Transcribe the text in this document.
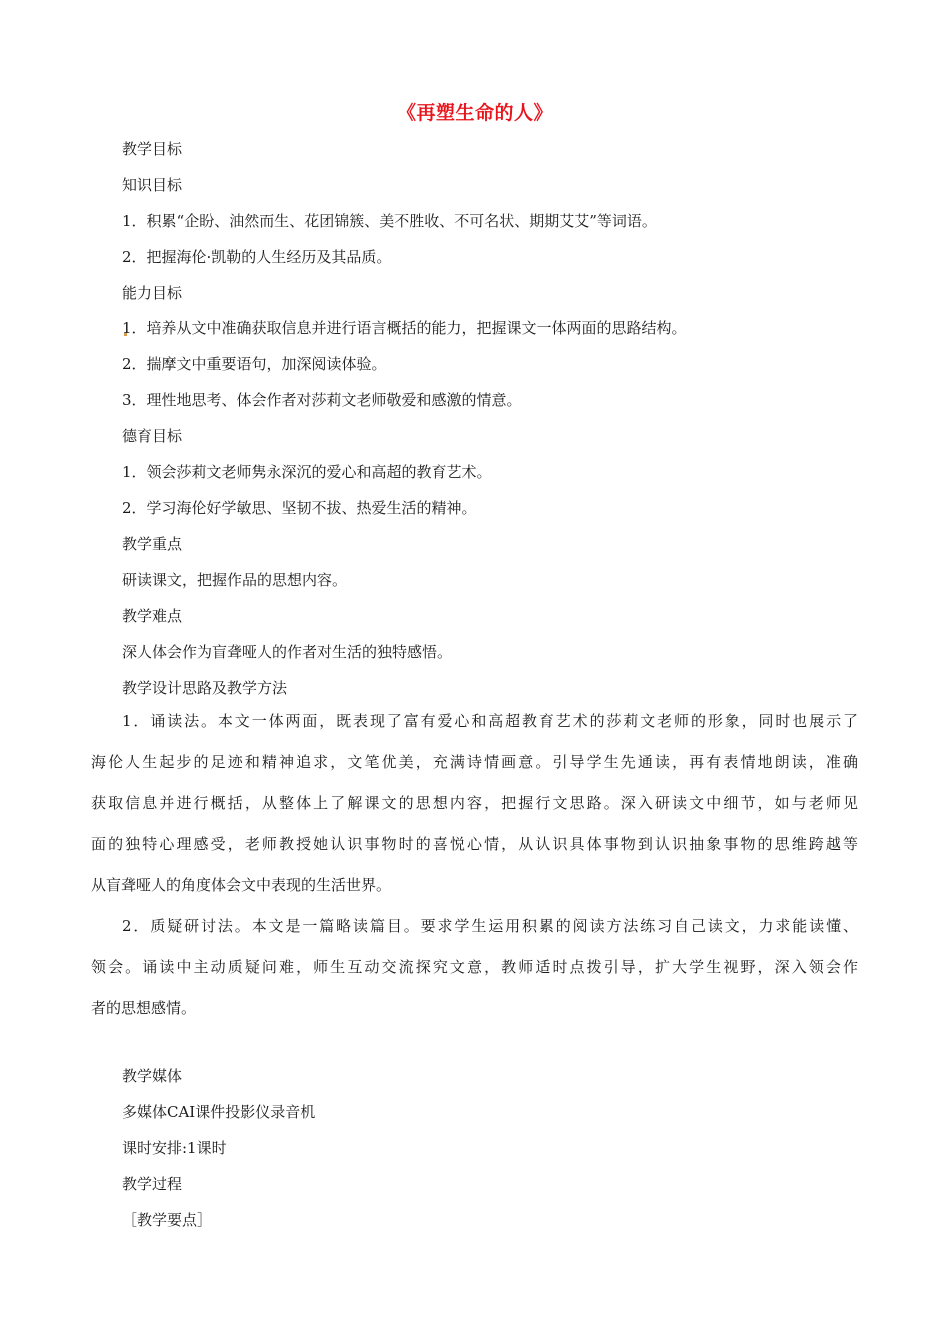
《再塑生命的人》
教学目标
知识目标
1．积累“企盼、油然而生、花团锦簇、美不胜收、不可名状、期期艾艾”等词语。
2．把握海伦·凯勒的人生经历及其品质。
能力目标
1．培养从文中准确获取信息并进行语言概括的能力，把握课文一体两面的思路结构。
2．揣摩文中重要语句，加深阅读体验。
3．理性地思考、体会作者对莎莉文老师敬爱和感激的情意。
德育目标
1．领会莎莉文老师隽永深沉的爱心和高超的教育艺术。
2．学习海伦好学敏思、坚韧不拔、热爱生活的精神。
教学重点
研读课文，把握作品的思想内容。
教学难点
深人体会作为盲聋哑人的作者对生活的独特感悟。
教学设计思路及教学方法
1．诵读法。本文一体两面，既表现了富有爱心和高超教育艺术的莎莉文老师的形象，同时也展示了
海伦人生起步的足迹和精神追求，文笔优美，充满诗情画意。引导学生先通读，再有表情地朗读，准确
获取信息并进行概括，从整体上了解课文的思想内容，把握行文思路。深入研读文中细节，如与老师见
面的独特心理感受，老师教授她认识事物时的喜悦心情，从认识具体事物到认识抽象事物的思维跨越等
从盲聋哑人的角度体会文中表现的生活世界。
2．质疑研讨法。本文是一篇略读篇目。要求学生运用积累的阅读方法练习自己读文，力求能读懂、
领会。诵读中主动质疑问难，师生互动交流探究文意，教师适时点拨引导，扩大学生视野，深入领会作
者的思想感情。
教学媒体
多媒体CAI课件投影仪录音机
课时安排:1课时
教学过程
［教学要点］
